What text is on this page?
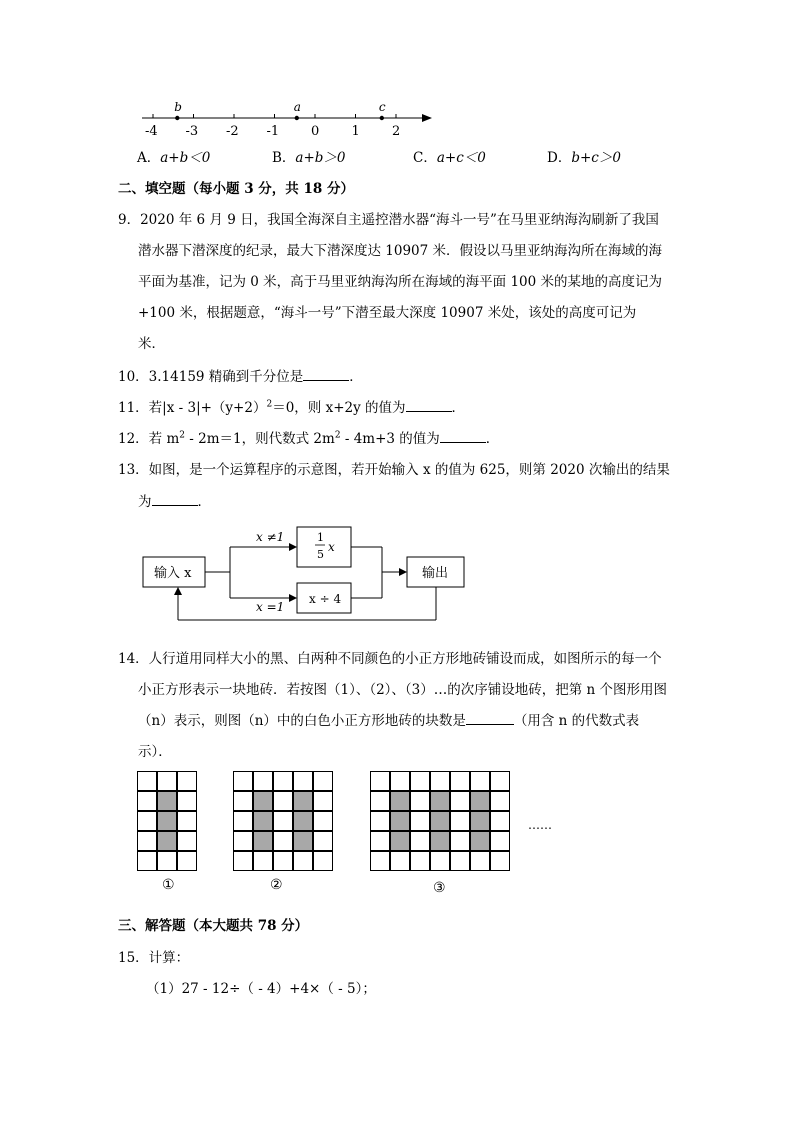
-4 -3 -2 -1 0 1 2
b	a	c
A．a+b＜0	B．a+b＞0	C．a+c＜0	D．b+c＞0
二、填空题（每小题 3 分，共 18 分）
9．2020 年 6 月 9 日，我国全海深自主遥控潜水器“海斗一号”在马里亚纳海沟刷新了我国
潜水器下潜深度的纪录，最大下潜深度达 10907 米．假设以马里亚纳海沟所在海域的海
平面为基准，记为 0 米，高于马里亚纳海沟所在海域的海平面 100 米的某地的高度记为
+100 米，根据题意，“海斗一号”下潜至最大深度 10907 米处，该处的高度可记为
米．
10．3.14159 精确到千分位是	．
11．若$|x - 3|+(y+2)^2=0$，则 x+2y 的值为	．
12．若 $m^2 - 2m=1$，则代数式 $2m^2 - 4m+3$ 的值为	．
13．如图，是一个运算程序的示意图，若开始输入 x 的值为 625，则第 2020 次输出的结果
为	．
输入 x	输出
x ≠1
x =1
1
5
x
x ÷ 4
14．人行道用同样大小的黑、白两种不同颜色的小正方形地砖铺设而成，如图所示的每一个
小正方形表示一块地砖．若按图（1）、（2）、（3）…的次序铺设地砖，把第 n 个图形用图
（n）表示，则图（n）中的白色小正方形地砖的块数是	（用含 n 的代数式表
示）．
……
①	②	③
三、解答题（本大题共 78 分）
15．计算：
（1）27 - 12÷（ - 4）+4×（ - 5）；
